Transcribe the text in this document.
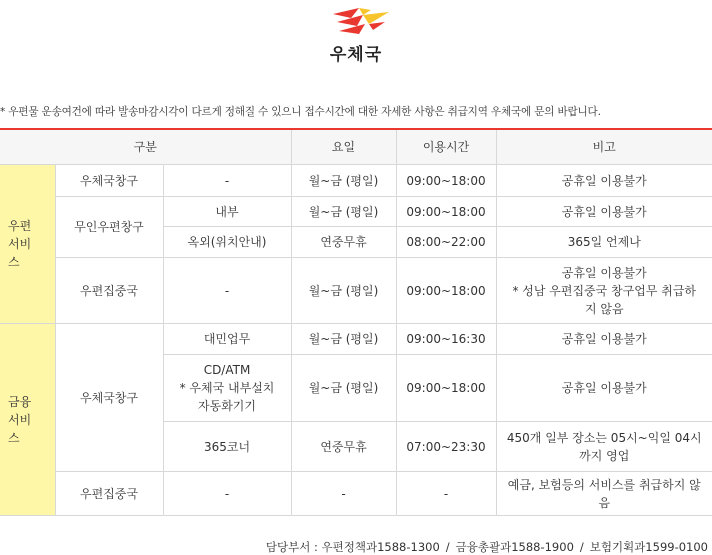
우체국
* 우편물 운송여건에 따라 발송마감시각이 다르게 정해질 수 있으니 접수시간에 대한 자세한 사항은 취급지역 우체국에 문의 바랍니다.
구분			요일	이용시간	비고
우편
서비
스	우체국창구	-	월~금 (평일)	09:00~18:00	공휴일 이용불가
	무인우편창구	내부	월~금 (평일)	09:00~18:00	공휴일 이용불가
		옥외(위치안내)	연중무휴	08:00~22:00	365일 언제나
	우편집중국	-	월~금 (평일)	09:00~18:00	공휴일 이용불가
* 성남 우편집중국 창구업무 취급하
지 않음
금융
서비
스	우체국창구	대민업무	월~금 (평일)	09:00~16:30	공휴일 이용불가
		CD/ATM
* 우체국 내부설치
자동화기기	월~금 (평일)	09:00~18:00	공휴일 이용불가
		365코너	연중무휴	07:00~23:30	450개 일부 장소는 05시~익일 04시
까지 영업
	우편집중국	-	-	-	예금, 보험등의 서비스를 취급하지 않
음
담당부서 : 우편정책과1588-1300 / 금융총괄과1588-1900 / 보험기획과1599-0100
